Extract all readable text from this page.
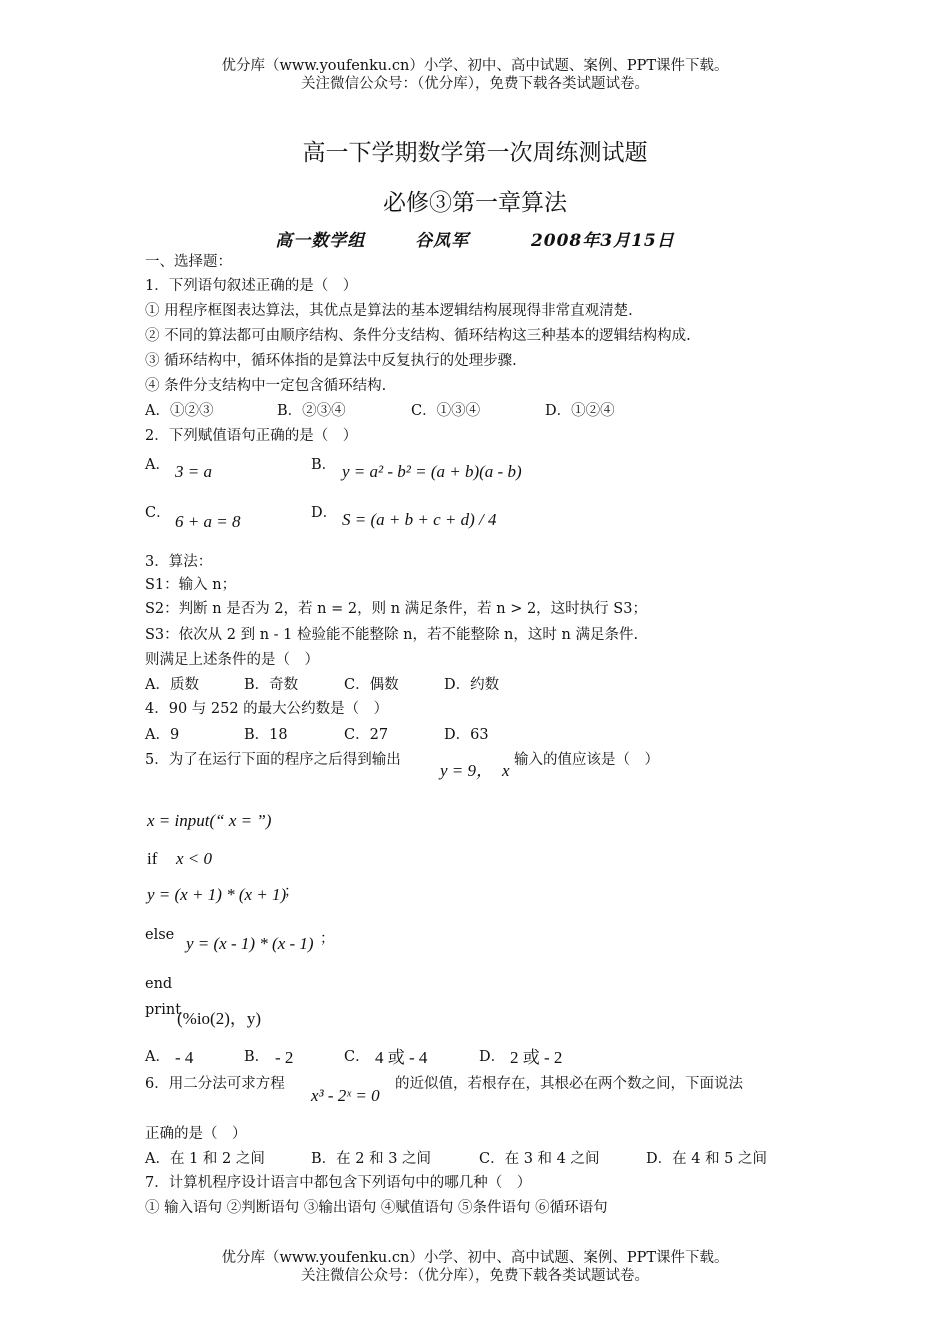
优分库（www.youfenku.cn）小学、初中、高中试题、案例、PPT课件下载。
关注微信公众号：（优分库），免费下载各类试题试卷。
高一下学期数学第一次周练测试题
必修③第一章算法
高一数学组	谷凤军	2008年3月15日
一、选择题：
1．下列语句叙述正确的是（　）
① 用程序框图表达算法，其优点是算法的基本逻辑结构展现得非常直观清楚.
② 不同的算法都可由顺序结构、条件分支结构、循环结构这三种基本的逻辑结构构成.
③ 循环结构中，循环体指的是算法中反复执行的处理步骤.
④ 条件分支结构中一定包含循环结构.
A．①②③	B．②③④	C．①③④	D．①②④
2．下列赋值语句正确的是（　）
A． 3 = a	B． y = a² - b² = (a + b)(a - b)
C． 6 + a = 8	D． S = (a + b + c + d) / 4
3．算法：
S1：输入 n；
S2：判断 n 是否为 2，若 n = 2，则 n 满足条件，若 n > 2，这时执行 S3；
S3：依次从 2 到 n - 1 检验能不能整除 n，若不能整除 n，这时 n 满足条件.
则满足上述条件的是（　）
A．质数	B．奇数	C．偶数	D．约数
4．90 与 252 的最大公约数是（　）
A．9	B．18	C．27	D．63
5．为了在运行下面的程序之后得到输出
y = 9， x
输入的值应该是（　）
x = input(“ x = ”)
if x < 0
y = (x + 1) * (x + 1)
；
else y = (x - 1) * (x - 1) ；
end
print
(%io(2)，y)
A． - 4	B． - 2	C． 4 或 - 4	D． 2 或 - 2
6．用二分法可求方程
x³ - 2ˣ = 0
的近似值，若根存在，其根必在两个数之间，下面说法
正确的是（　）
A．在 1 和 2 之间	B．在 2 和 3 之间	C．在 3 和 4 之间	D．在 4 和 5 之间
7．计算机程序设计语言中都包含下列语句中的哪几种（　）
① 输入语句 ②判断语句 ③输出语句 ④赋值语句 ⑤条件语句 ⑥循环语句
优分库（www.youfenku.cn）小学、初中、高中试题、案例、PPT课件下载。
关注微信公众号：（优分库），免费下载各类试题试卷。
